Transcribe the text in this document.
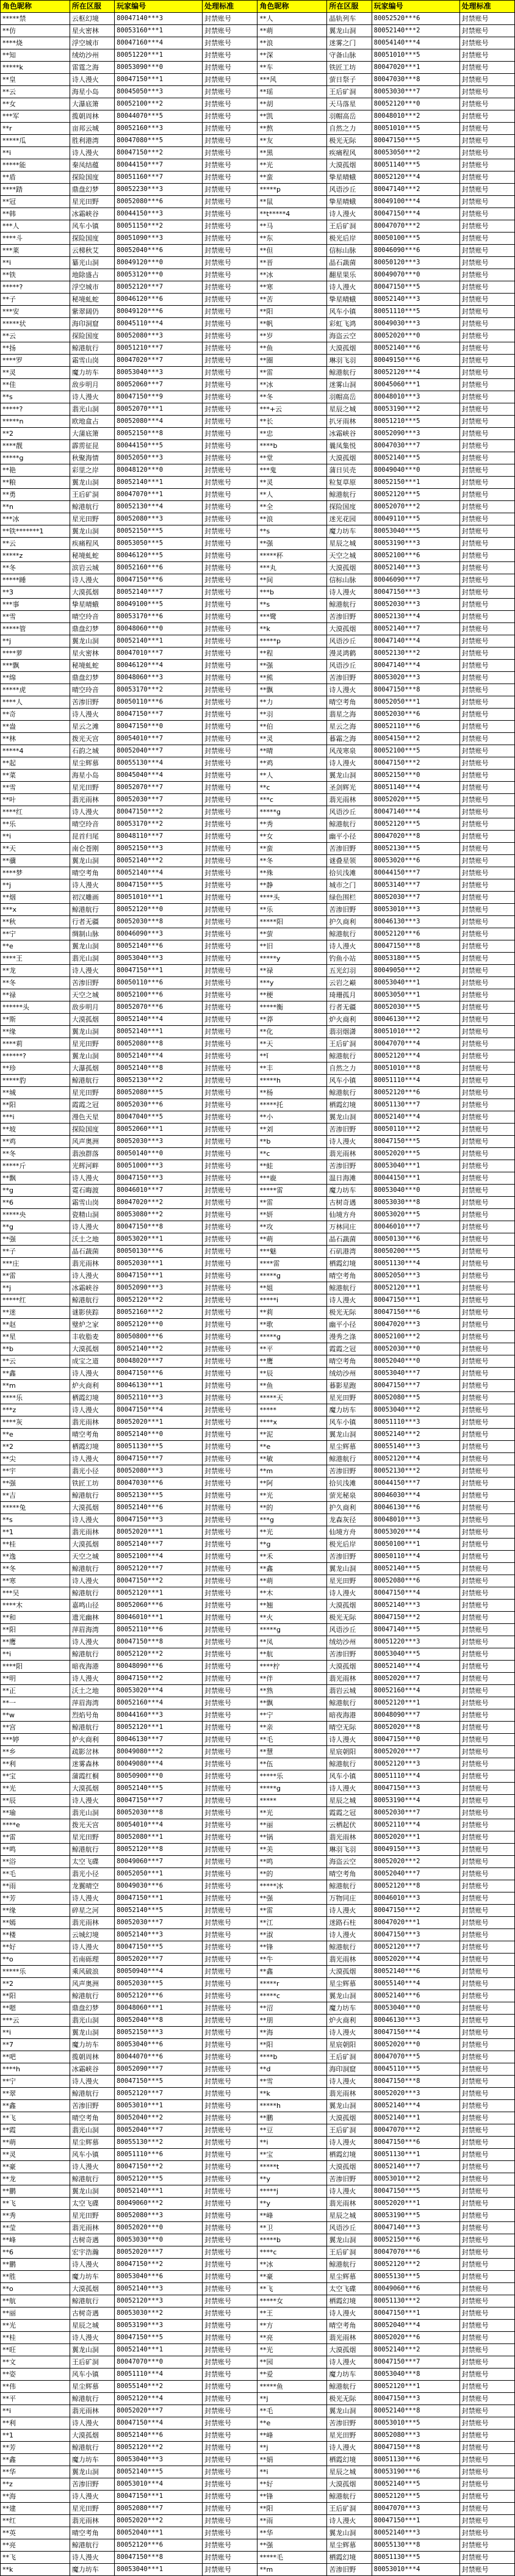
角色昵称	所在区服	玩家编号	处理标准	角色昵称	所在区服	玩家编号	处理标准
*****禁	云枢幻境	80047140***3	封禁账号	**人	晶轨列车	80052520***6	封禁账号
**仿	星火密林	80053160***1	封禁账号	**萌	翼龙山洞	80052140***2	封禁账号
****烧	浮空城市	80047160***4	封禁账号	**浪	迷雾之门	80054140***4	封禁账号
**知	绒幼沙州	80051220***1	封禁账号	**深	守备山脉	80051010***5	封禁账号
*****k	雷霆之海	80053090***0	封禁账号	**车	铁匠工坊	80047020***1	封禁账号
**皇	诗人漫火	80047150***1	封禁账号	***风	萤日祭子	80047030***8	封禁账号
**云	海星小岛	80045050***3	封禁账号	**瑶	王后矿洞	80053030***7	封禁账号
**女	大瀑底箫	80052100***2	封禁账号	**胡	天马落星	80052120***0	封禁账号
***军	揽朝周林	80044070***5	封禁账号	**凯	羽帽高岳	80048010***2	封禁账号
**r	亩邦云城	80052160***3	封禁账号	**熬	自然之力	80051010***5	封禁账号
*****瓜	胜利港湾	80047080***5	封禁账号	**友	极光无际	80047150***5	封禁账号
**i	诗人漫火	80047150***2	封禁账号	**黑	疾痛程风	80053050***2	封禁账号
*****能	秦凤结蕴	80044150***7	封禁账号	**光	大漠孤烟	80051140***5	封禁账号
**盾	探险国度	80051160***7	封禁账号	**蛮	挚星晴蛾	80052120***4	封禁账号
****踏	鼎盘幻梦	80052230***3	封禁账号	*****p	风语沙丘	80047140***2	封禁账号
**冠	星光田野	80052080***6	封禁账号	**鼠	挚星晴蛾	80049100***4	封禁账号
**韩	冰霜峡谷	80044150***3	封禁账号	**t*****4	诗人漫火	80047150***4	封禁账号
***人	风车小镇	80051150***2	封禁账号	**马	王后矿洞	80047070***2	封禁账号
****斗	探险国度	80051090***3	封禁账号	**东	极光后岸	80050100***5	封禁账号
***莱	云梯秋艾	80052040***6	封禁账号	**但	信标山脉	80046090***6	封禁账号
**i	纂光山洞	80049120***0	封禁账号	**晋	晶石蔬菌	80050120***3	封禁账号
**铁	地除盛占	80053120***0	封禁账号	**冰	翻星果乐	80049070***0	封禁账号
*****?	浮空城市	80052120***7	封禁账号	**寒	诗人漫火	80047150***5	封禁账号
**子	秘境虬蛇	80046120***6	封禁账号	**苦	挚星晴蛾	80052140***3	封禁账号
***安	紫翠阔仍	80049120***6	封禁账号	**阳	风车小镇	80051110***5	封禁账号
*****状	海印洞窟	80045110***4	封禁账号	**帆	彩虹飞鸿	80049030***3	封禁账号
**云	探险国度	80052080***3	封禁账号	**岁	海盗云空	80052020***0	封禁账号
**扬	鲸港航行	80051210***7	封禁账号	**鱼	大漠孤烟	80052140***6	封禁账号
****罗	霜雪山岗	80047020***7	封禁账号	**圈	琳羽飞羽	80049150***6	封禁账号
**灵	魔力坊车	80053040***3	封禁账号	**雷	鲸港航行	80052120***4	封禁账号
**佳	敌步明月	80052060***7	封禁账号	**冰	迷雾山洞	80045060***1	封禁账号
**s	诗人漫火	80047150***9	封禁账号	**冬	羽帽高岳	80048010***3	封禁账号
*****?	翡光山洞	80052070***1	封禁账号	***+云	星辰之城	80053190***2	封禁账号
*****n	欧地盒占	80052080***4	封禁账号	**长	扒牙雨林	80051210***5	封禁账号
**2	大蒲底箫	80052150***8	封禁账号	**忠	冰霜峡谷	80052090***3	封禁账号
****靓	霹雳征昆	80044150***5	封禁账号	****b	曩凤集悦	80047030***7	封禁账号
*****g	秋聚海情	80052050***3	封禁账号	**堂	大漠孤烟	80052140***5	封禁账号
**艳	彩里之岸	80048120***0	封禁账号	***鬼	蒲日贝壳	80049040***0	封禁账号
**粮	翼龙山洞	80052140***1	封禁账号	**灵	粒复草原	80052150***1	封禁账号
**勇	王后矿洞	80047070***1	封禁账号	**人	鲸港航行	80052120***5	封禁账号
**n	鲸港航行	80052130***4	封禁账号	**全	探险国度	80052070***2	封禁账号
***冰	星光田野	80052080***3	封禁账号	**浪	迷光花园	80049110***5	封禁账号
**铁*******1	翼龙山洞	80052150***5	封禁账号	**s	魔力坊车	80053040***5	封禁账号
**云	疾痛程风	80053050***5	封禁账号	**强	星辰之城	80053190***3	封禁账号
*****z	秘境虬蛇	80046120***5	封禁账号	*****杯	天空之城	80052100***6	封禁账号
**冬	滨岩云城	80052160***6	封禁账号	***丸	大漠孤烟	80052140***3	封禁账号
*****睡	诗人漫火	80047150***6	封禁账号	**间	信标山脉	80046090***7	封禁账号
**3	大漠孤烟	80052140***7	封禁账号	***b	诗人漫火	80047150***3	封禁账号
***事	挚星晴蛾	80049100***5	封禁账号	**s	鲸港航行	80052030***3	封禁账号
**雪	晴空玲音	80053170***6	封禁账号	***鹭	苦渗旧野	80052130***4	封禁账号
*****管	鼎盘幻梦	80048060***0	封禁账号	**k	大漠孤烟	80052140***7	封禁账号
**j	翼龙山洞	80052140***1	封禁账号	*****p	风语沙丘	80047140***4	封禁账号
****萝	星火密林	80047010***7	封禁账号	**程	漫灵鸿鹤	80052130***2	封禁账号
***飘	秘境虬蛇	80046120***4	封禁账号	**强	风语沙丘	80047140***4	封禁账号
**绵	鼎盘幻梦	80048060***3	封禁账号	**熊	苦渗旧野	80053020***3	封禁账号
*****虎	晴空玲音	80053170***2	封禁账号	**飘	诗人漫火	80047150***8	封禁账号
****人	苦渗旧野	80050110***6	封禁账号	**力	晴空考角	80052050***1	封禁账号
**奇	诗人漫火	80047150***7	封禁账号	**羽	翡星之海	80052030***6	封禁账号
**盎	星云之滩	80047150***0	封禁账号	**伯	星云之海	80052110***6	封禁账号
**林	拨光天宫	80054010***7	封禁账号	**灵	暮霜之海	80054150***2	封禁账号
*****4	石韵之城	80052040***7	封禁账号	**晴	风茂寒泉	80052100***5	封禁账号
**起	星尘辉慕	80055130***4	封禁账号	**鸡	诗人漫火	80047150***2	封禁账号
**菜	海星小岛	80045040***4	封禁账号	**人	翼龙山洞	80052150***0	封禁账号
**雪	星光田野	80052070***7	封禁账号	**c	圣剑辉光	80051140***4	封禁账号
**叶	翡光雨林	80052030***7	封禁账号	***c	翡光雨林	80052020***5	封禁账号
****红	诗人漫火	80047150***2	封禁账号	*****g	风语沙丘	80047140***4	封禁账号
**乐	晴空玲音	80053170***2	封禁账号	**秀	鲸港航行	80052120***5	封禁账号
**i	昆首归尾	80048110***7	封禁账号	**女	幽平小径	80047020***8	封禁账号
**天	南仑苍刚	80052150***3	封禁账号	**蛮	苦渗旧野	80052130***5	封禁账号
**骥	翼龙山洞	80052140***2	封禁账号	**冬	谜叠星领	80053020***6	封禁账号
****梦	晴空考角	80052140***4	封禁账号	**殊	拾贝浅滩	80044150***7	封禁账号
**j	诗人漫火	80047150***5	封禁账号	**静	城市之门	80053140***7	封禁账号
**烟	初汉雕画	80051010***1	封禁账号	****头	绿色围栏	80052030***7	封禁账号
***x	鲸港航行	80052120***0	封禁账号	**乐	苦渗旧野	80053010***3	封禁账号
**秋	行者无疆	80052030***8	封禁账号	*****阳	护久商利	80046130***3	封禁账号
**宁	绸制山脉	80046090***3	封禁账号	**萤	鲸港航行	80052120***6	封禁账号
**e	翼龙山洞	80052140***6	封禁账号	**旧	诗人漫火	80047150***8	封禁账号
****王	翡光山洞	80053040***3	封禁账号	*****y	钓鱼小站	80053180***5	封禁账号
**龙	诗人漫火	80047150***1	封禁账号	**禄	五光幻羽	80049050***2	封禁账号
**冬	苦渗旧野	80050110***6	封禁账号	***y	云岩之巅	80053040***1	封禁账号
**禄	天空之城	80052100***6	封禁账号	**梗	琦珊孤月	80053050***1	封禁账号
******头	敌步明月	80052070***6	封禁账号	*****衡	行者无疆	80052030***5	封禁账号
**斯	大漠孤烟	80052140***4	封禁账号	**莽	炉火商利	80046130***2	封禁账号
**缘	翼龙山洞	80052140***1	封禁账号	**化	翡羽烟潇	80051010***2	封禁账号
****莉	星光田野	80052080***8	封禁账号	**天	王后矿洞	80047070***4	封禁账号
******?	翼龙山洞	80052140***4	封禁账号	**ǐ	鲸港航行	80052120***4	封禁账号
**珍	大瀑孤烟	80052140***8	封禁账号	**丰	自然之力	80051010***8	封禁账号
*****豹	鲸港航行	80052130***2	封禁账号	*****h	风车小镇	80051110***4	封禁账号
**城	星光田野	80052080***5	封禁账号	**杨	鲸港航行	80052120***6	封禁账号
**阳	霞霞之冠	80052030***6	封禁账号	*****托	栖霞幻境	80051130***7	封禁账号
***i	漫色天星	80047040***5	封禁账号	**小	翼龙山洞	80052140***4	封禁账号
**坡	探险国度	80052060***1	封禁账号	**刘	苦渗旧野	80050110***2	封禁账号
**鸡	风声奥洲	80052030***3	封禁账号	**b	诗人漫火	80047150***5	封禁账号
**冬	翡浊群落	80050140***0	封禁账号	**c	翡光雨林	80052020***5	封禁账号
*****斤	光辉河畔	80051000***3	封禁账号	**蛙	苦渗旧野	80053040***1	封禁账号
**飘	诗人漫火	80047150***3	封禁账号	***鹿	温日海滩	80044150***1	封禁账号
**g	霓石晦渡	80046010***7	封禁账号	*****雷	魔力坊车	80053040***0	封禁账号
**6	霜雪山岗	80047020***2	封禁账号	**雷	古树奇遇	80053030***8	封禁账号
*****央	瓷精山洞	80053080***2	封禁账号	**妍	仙境方舟	80053020***5	封禁账号
**g	诗人漫火	80047150***8	封禁账号	**攻	万林同庄	80046010***7	封禁账号
**强	沃土之地	80053020***1	封禁账号	**萌	晶石蔬菌	80050130***6	封禁账号
**子	晶石蔬菌	80050130***6	封禁账号	***魅	石矶港湾	80050200***5	封禁账号
***庄	翡光雨林	80052030***1	封禁账号	****雷	栖霞幻境	80051130***4	封禁账号
**雷	诗人漫火	80047150***1	封禁账号	*****g	晴空考角	80052050***3	封禁账号
**j	冰霜峡谷	80052090***3	封禁账号	**姐	鲸港航行	80052120***1	封禁账号
*****红	鲸港航行	80052120***2	封禁账号	*****i	诗人漫火	80047150***1	封禁账号
**迷	谜影侠踪	80052160***2	封禁账号	**莉	极光无际	80047150***6	封禁账号
**赵	璧炉之家	80052120***0	封禁账号	**歌	幽平小径	80047020***3	封禁账号
**星	丰收脂麦	80050800***6	封禁账号	*****g	漫秀之涤	80052100***2	封禁账号
**b	大漠孤烟	80052140***2	封禁账号	**平	霞霞之冠	80052030***0	封禁账号
**云	成宝之道	80048020***7	封禁账号	**鹰	晴空考角	80052040***0	封禁账号
**鑫	诗人漫火	80047150***6	封禁账号	**辰	绒幼沙州	80053040***7	封禁账号
**m	炉火商利	80046130***1	封禁账号	**鱼	暮影星跑	80047150***7	封禁账号
****乐	栖霞幻境	80052110***3	封禁账号	*****天	星光田野	80052080***5	封禁账号
***z	诗人漫火	80047150***4	封禁账号	*****	魔力坊车	80053040***2	封禁账号
****灰	翡光雨林	80052020***1	封禁账号	****x	风车小镇	80051110***3	封禁账号
**e	晴空考角	80052140***0	封禁账号	**泥	翼龙山洞	80052140***2	封禁账号
**2	栖霞幻境	80051130***5	封禁账号	**e	星尘辉慕	80055140***3	封禁账号
**尖	诗人漫火	80047150***7	封禁账号	**敏	鲸港航行	80052120***4	封禁账号
**宇	翡光小径	80052080***3	封禁账号	**m	苦渗旧野	80052130***2	封禁账号
**强	铁匠工坊	80047030***6	封禁账号	**阿	拾贝浅滩	80044150***7	封禁账号
**吉	鲸港航行	80052130***5	封禁账号	**光	萤光秘泉	80046030***4	封禁账号
*****兔	大漠孤烟	80052140***6	封禁账号	**的	护久商利	80046130***6	封禁账号
**s	诗人漫火	80047150***3	封禁账号	***g	龙森灰径	80048010***3	封禁账号
**1	翡光雨林	80052020***1	封禁账号	**光	仙境方舟	80053020***4	封禁账号
**桂	大漠孤烟	80052140***7	封禁账号	**g	极光后岸	80050100***1	封禁账号
**逸	天空之城	80052100***4	封禁账号	**禾	苦渗旧野	80050110***4	封禁账号
**冬	鲸港航行	80052120***7	封禁账号	**鑫	翼龙山洞	80052140***5	封禁账号
**寒	诗人漫火	80047150***2	封禁账号	**萌	星光田野	80052080***6	封禁账号
***吴	鲸港航行	80052120***1	封禁账号	**木	诗人漫火	80047150***4	封禁账号
****木	嘉鸣山径	80052060***6	封禁账号	**翘	大漠孤烟	80052140***3	封禁账号
**和	遗光幽林	80046010***1	封禁账号	**火	极光无际	80047150***2	封禁账号
**阳	萍眉海湾	80052110***6	封禁账号	*****g	风语沙丘	80047140***5	封禁账号
**鹰	诗人漫火	80047150***8	封禁账号	**凤	绒幼沙州	80051220***3	封禁账号
**i	鲸港航行	80052120***2	封禁账号	**航	苦渗旧野	80053040***5	封禁账号
****阳	暗夜海港	80048090***6	封禁账号	****柠	大漠孤烟	80052140***4	封禁账号
**明	诗人漫火	80047150***2	封禁账号	**伴	翡光雨林	80052020***7	封禁账号
**正	沃土之地	80053020***4	封禁账号	**熟	翡岩云城	80052160***4	封禁账号
**一	萍眉海湾	80052160***4	封禁账号	**飘	鲸港航行	80052120***1	封禁账号
**w	烈焰号角	80044160***3	封禁账号	**宁	暗夜海港	80048090***7	封禁账号
**宫	鲸港航行	80052120***1	封禁账号	**亲	晴空无际	80052020***8	封禁账号
***婷	炉火商利	80046130***7	封禁账号	**毛	诗人漫火	80047150***0	封禁账号
**乡	疏影岔林	80049080***2	封禁账号	**慧	星宸朝阳	80052020***7	封禁账号
**利	迷雾森林	80049080***4	封禁账号	**伍	鲸港航行	80052120***3	封禁账号
**宝	蒲霞红桐	80050900***0	封禁账号	*****乐	风车小镇	80051110***4	封禁账号
**光	大漠孤烟	80052140***5	封禁账号	*****g	诗人漫火	80047150***3	封禁账号
**辰	诗人漫火	80047150***7	封禁账号	*****	星辰之城	80053190***4	封禁账号
**瑜	翡光山洞	80052030***8	封禁账号	**光	霞霞之冠	80052030***7	封禁账号
****e	拨光天宫	80054010***4	封禁账号	**丽	云栖起伏	80052110***4	封禁账号
**雷	星光田野	80052080***1	封禁账号	**锅	翡光雨林	80052020***1	封禁账号
**鸣	鲸港航行	80052120***8	封禁账号	**美	琳羽飞羽	80049150***3	封禁账号
**浴	太空飞碟	80049060***7	封禁账号	**鸣	海盗云空	80052020***2	封禁账号
**毛	翡光小径	80052050***1	封禁账号	**的	晴空考角	80052040***7	封禁账号
**雨	龙翼晴空	80049030***6	封禁账号	*****冰	鲸港航行	80052120***8	封禁账号
**芳	诗人漫火	80047150***1	封禁账号	**强	万物同庄	80046010***3	封禁账号
**缘	碎星之河	80052140***5	封禁账号	**雷	诗人漫火	80047150***2	封禁账号
**嫣	翡光雨林	80052030***7	封禁账号	**江	迷路石柱	80047020***1	封禁账号
**楼	云城幻境	80052140***3	封禁账号	**淑	诗人漫火	80047150***3	封禁账号
**好	诗人漫火	80047150***5	封禁账号	**锋	鲸港航行	80052120***7	封禁账号
**o	若南砾理	80052020***7	封禁账号	**牛	翡光雨林	80052020***4	封禁账号
*****乐	乘风破浪	80050940***4	封禁账号	**鑫	大漠孤烟	80052140***6	封禁账号
**2	风声奥洲	80052030***5	封禁账号	*****r	星尘辉慕	80055140***4	封禁账号
**阳	鲸港航行	80052120***6	封禁账号	*****c	翼龙山洞	80052140***6	封禁账号
**嗯	鼎盘幻梦	80048060***1	封禁账号	**沼	魔力坊车	80053040***0	封禁账号
***云	翡光山洞	80052040***8	封禁账号	**朋	炉火商利	80046130***3	封禁账号
**i	翼龙山洞	80052150***3	封禁账号	**海	诗人漫火	80047150***4	封禁账号
**7	魔力坊车	80053040***6	封禁账号	**阳	星宸朝阳	80052020***0	封禁账号
**吧	揽朝周林	80044070***6	封禁账号	****b	王后矿洞	80047070***5	封禁账号
****h	冰霜峡谷	80052090***7	封禁账号	**d	海印洞窟	80045110***5	封禁账号
**宁	诗人漫火	80047150***5	封禁账号	**雪	诗人漫火	80047150***8	封禁账号
**翠	鲸港航行	80052120***7	封禁账号	**k	翡光雨林	80052020***3	封禁账号
**鑫	苦渗旧野	80053010***1	封禁账号	*****h	翼龙山洞	80052140***4	封禁账号
**飞	晴空考角	80052040***2	封禁账号	**鹏	大漠孤烟	80052140***1	封禁账号
**霞	翡光山洞	80052040***7	封禁账号	**豆	王后矿洞	80047070***2	封禁账号
**萌	星尘辉慕	80055130***2	封禁账号	**i	诗人漫火	80047150***6	封禁账号
**灵	风车小镇	80051110***6	封禁账号	**宝	栖霞幻境	80051130***1	封禁账号
**豪	诗人漫火	80047150***2	封禁账号	*****t	大漠孤烟	80052140***7	封禁账号
**龙	鲸港航行	80052120***5	封禁账号	**y	苦渗旧野	80053010***2	封禁账号
**鹏	翼龙山洞	80052140***1	封禁账号	*****j	诗人漫火	80047150***5	封禁账号
**飞	太空飞碟	80049060***2	封禁账号	**y	翡光雨林	80052020***1	封禁账号
**秀	星光田野	80052080***3	封禁账号	**峰	星辰之城	80053190***5	封禁账号
**莹	翡光雨林	80052020***0	封禁账号	**卫	风语沙丘	80047140***3	封禁账号
**峰	古树奇遇	80053030***0	封禁账号	*****b	翼龙山洞	80052150***6	封禁账号
**6	宏宇浩瀚	80052020***7	封禁账号	****c	王后矿洞	80047070***6	封禁账号
**鹏	诗人漫火	80047150***2	封禁账号	**冰	鲸港航行	80052120***2	封禁账号
**胜	魔力坊车	80053040***6	封禁账号	**豪	星尘辉慕	80055130***5	封禁账号
**o	大漠孤烟	80052140***3	封禁账号	**飞	太空飞碟	80049060***6	封禁账号
**航	鲸港航行	80052120***3	封禁账号	*****女	栖霞幻境	80051130***2	封禁账号
**丽	古树奇遇	80053030***2	封禁账号	**王	诗人漫火	80047150***1	封禁账号
**光	星辰之城	80053190***3	封禁账号	**方	晴空考角	80052040***4	封禁账号
**桂	诗人漫火	80047150***5	封禁账号	**亮	翡光雨林	80052020***6	封禁账号
**旺	翼龙山洞	80052140***1	封禁账号	**光	大漠孤烟	80052140***2	封禁账号
**文	王后矿洞	80047070***0	封禁账号	**园	诗人漫火	80047150***7	封禁账号
**姿	风车小镇	80051110***4	封禁账号	**爱	魔力坊车	80053040***8	封禁账号
**伟	星尘辉慕	80055140***2	封禁账号	*****鱼	鲸港航行	80052120***1	封禁账号
**平	鲸港航行	80052120***4	封禁账号	**j	极光无际	80047150***3	封禁账号
**i	翡光雨林	80052020***7	封禁账号	**毛	翼龙山洞	80052140***8	封禁账号
**利	诗人漫火	80047150***4	封禁账号	**e	苦渗旧野	80053010***5	封禁账号
**1	大漠孤烟	80052140***6	封禁账号	**峰	星光田野	80052080***3	封禁账号
**芳	鲸港航行	80052120***2	封禁账号	**j	诗人漫火	80047150***8	封禁账号
**鑫	魔力坊车	80053040***3	封禁账号	**娟	栖霞幻境	80051130***6	封禁账号
**华	翼龙山洞	80052140***5	封禁账号	**i	星辰之城	80053190***6	封禁账号
**z	苦渗旧野	80053010***4	封禁账号	**好	大漠孤烟	80052140***5	封禁账号
**海	诗人漫火	80047150***1	封禁账号	**锋	鲸港航行	80052120***5	封禁账号
**建	星光田野	80052080***7	封禁账号	**阳	王后矿洞	80047070***3	封禁账号
**红	翡光雨林	80052020***2	封禁账号	**雨	诗人漫火	80047150***1	封禁账号
**英	晴空考角	80052040***1	封禁账号	**华	翼龙山洞	80052140***3	封禁账号
**亮	鲸港航行	80052120***6	封禁账号	**强	星尘辉慕	80055130***8	封禁账号
**飞	诗人漫火	80047150***8	封禁账号	*****毛	栖霞幻境	80051130***5	封禁账号
**k	魔力坊车	80053040***1	封禁账号	**m	苦渗旧野	80053010***4	封禁账号
